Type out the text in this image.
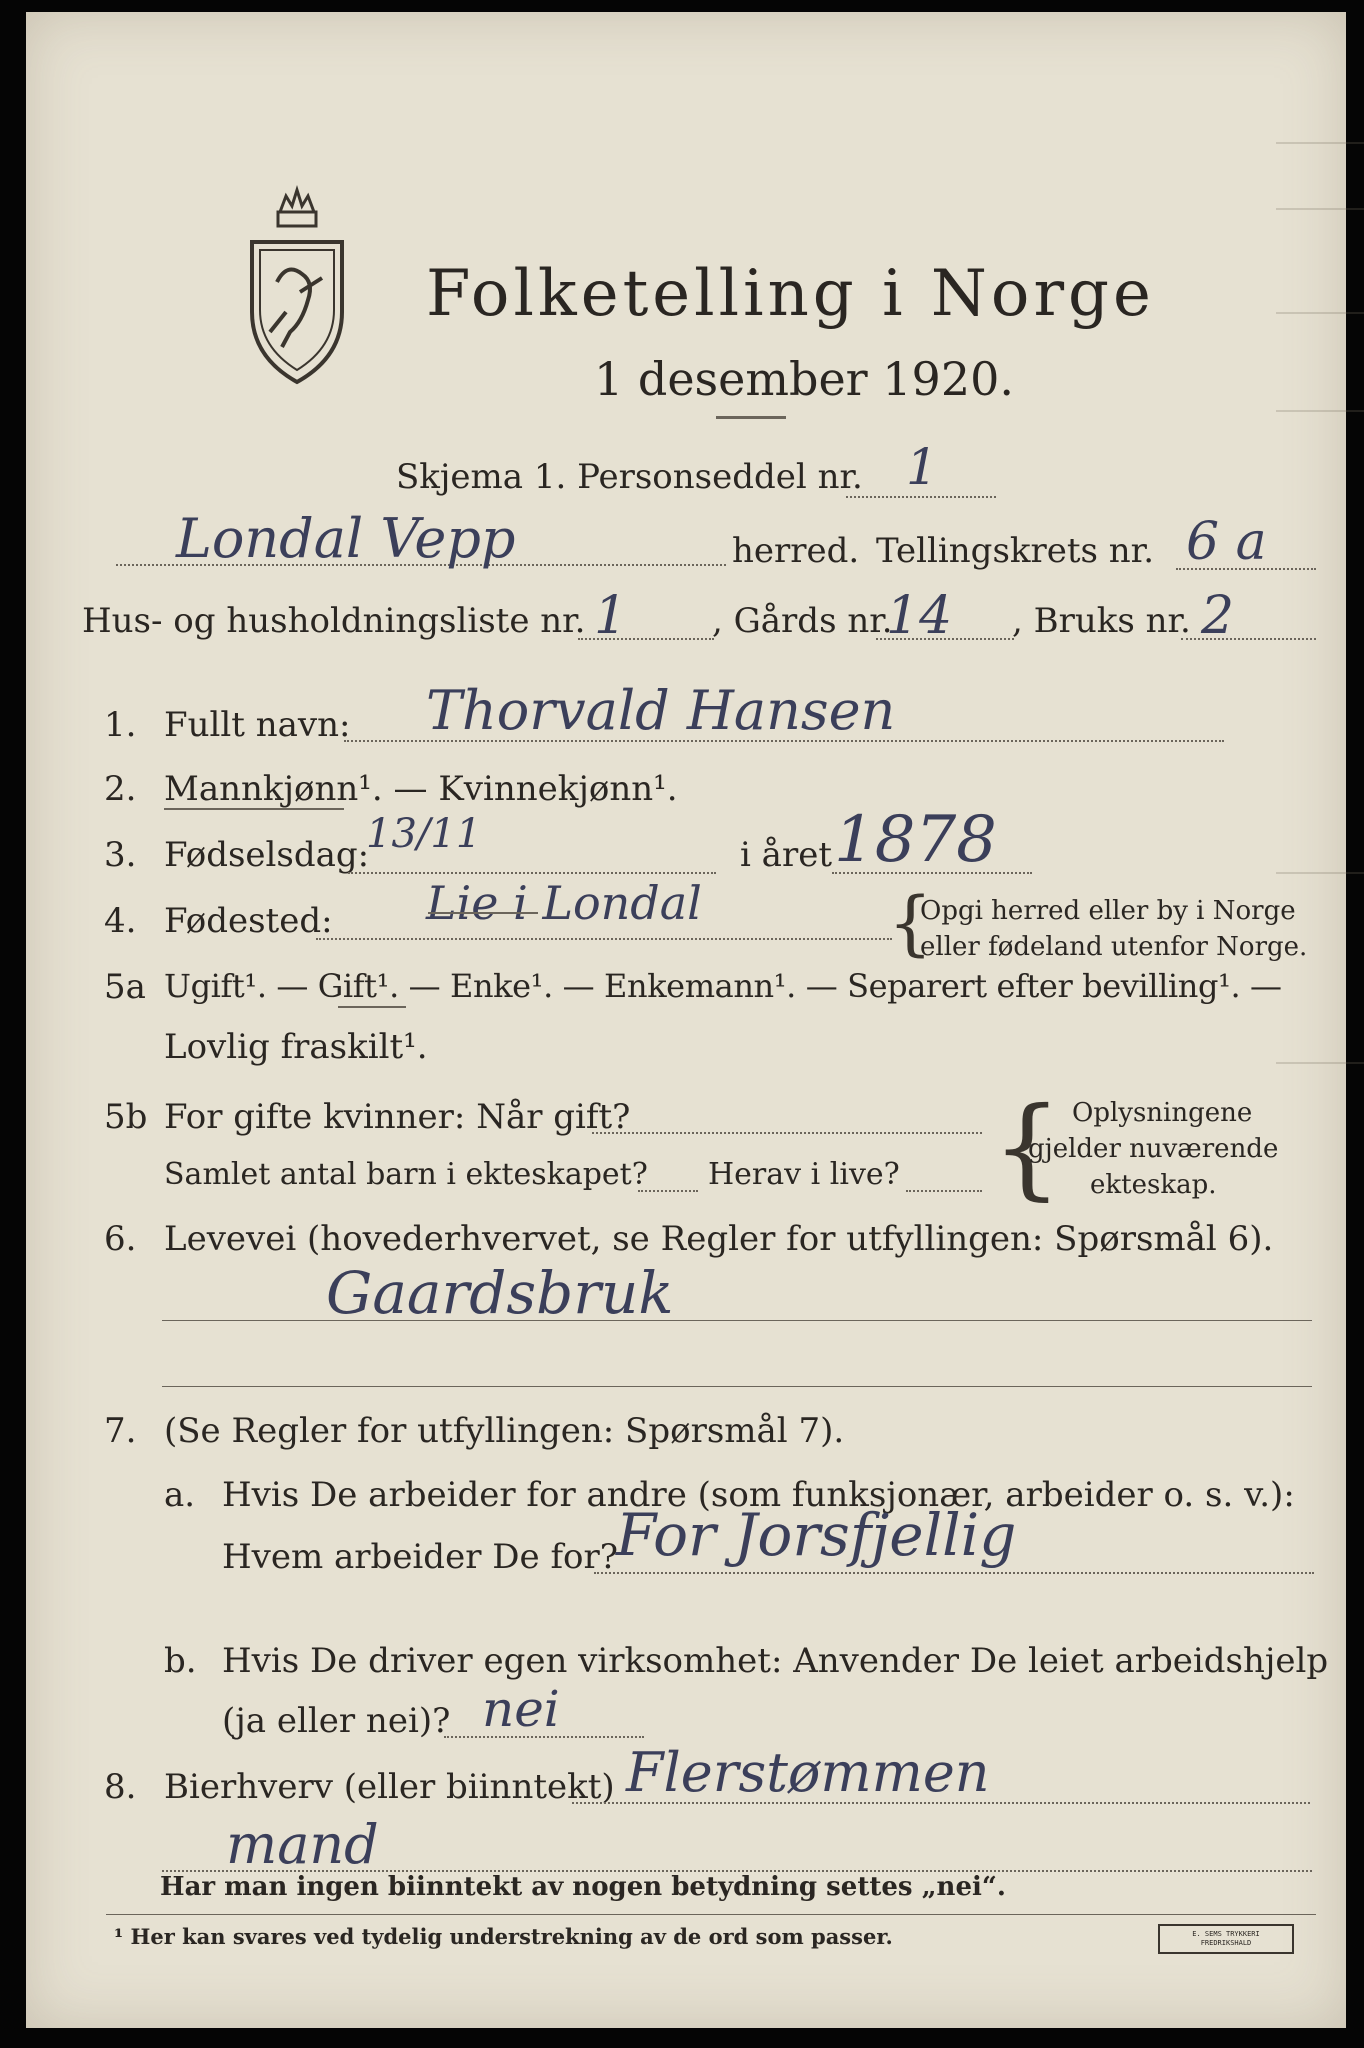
Folketelling i Norge
1 desember 1920.
Skjema 1. Personseddel nr. 1
Londal Vepp	herred. Tellingskrets nr. 6 a
Hus- og husholdningsliste nr. 1 , Gårds nr.
14 , Bruks nr. 2
1. Fullt navn: Thorvald Hansen
2. Mannkjønn¹. — Kvinnekjønn¹.
3. Fødselsdag:
13/11	i året 1878
4. Fødested: Lie i Londal	{
Opgi herred eller by i Norge
eller fødeland utenfor Norge.
5a Ugift¹. — Gift¹. — Enke¹. — Enkemann¹. — Separert efter bevilling¹. —
Lovlig fraskilt¹.
5b For gifte kvinner: Når gift?
Samlet antal barn i ekteskapet? Herav i live? { Oplysningene
gjelder nuværende
ekteskap.
6. Levevei (hovederhvervet, se Regler for utfyllingen: Spørsmål 6).
Gaardsbruk
7. (Se Regler for utfyllingen: Spørsmål 7).
a. Hvis De arbeider for andre (som funksjonær, arbeider o. s. v.):
Hvem arbeider De for?
For Jorsfjellig
b. Hvis De driver egen virksomhet: Anvender De leiet arbeidshjelp
(ja eller nei)? nei
8. Bierhverv (eller biinntekt) Flerstømmen
mand
Har man ingen biinntekt av nogen betydning settes „nei“.
¹ Her kan svares ved tydelig understrekning av de ord som passer.	E. SEMS TRYKKERI FREDRIKSHALD
